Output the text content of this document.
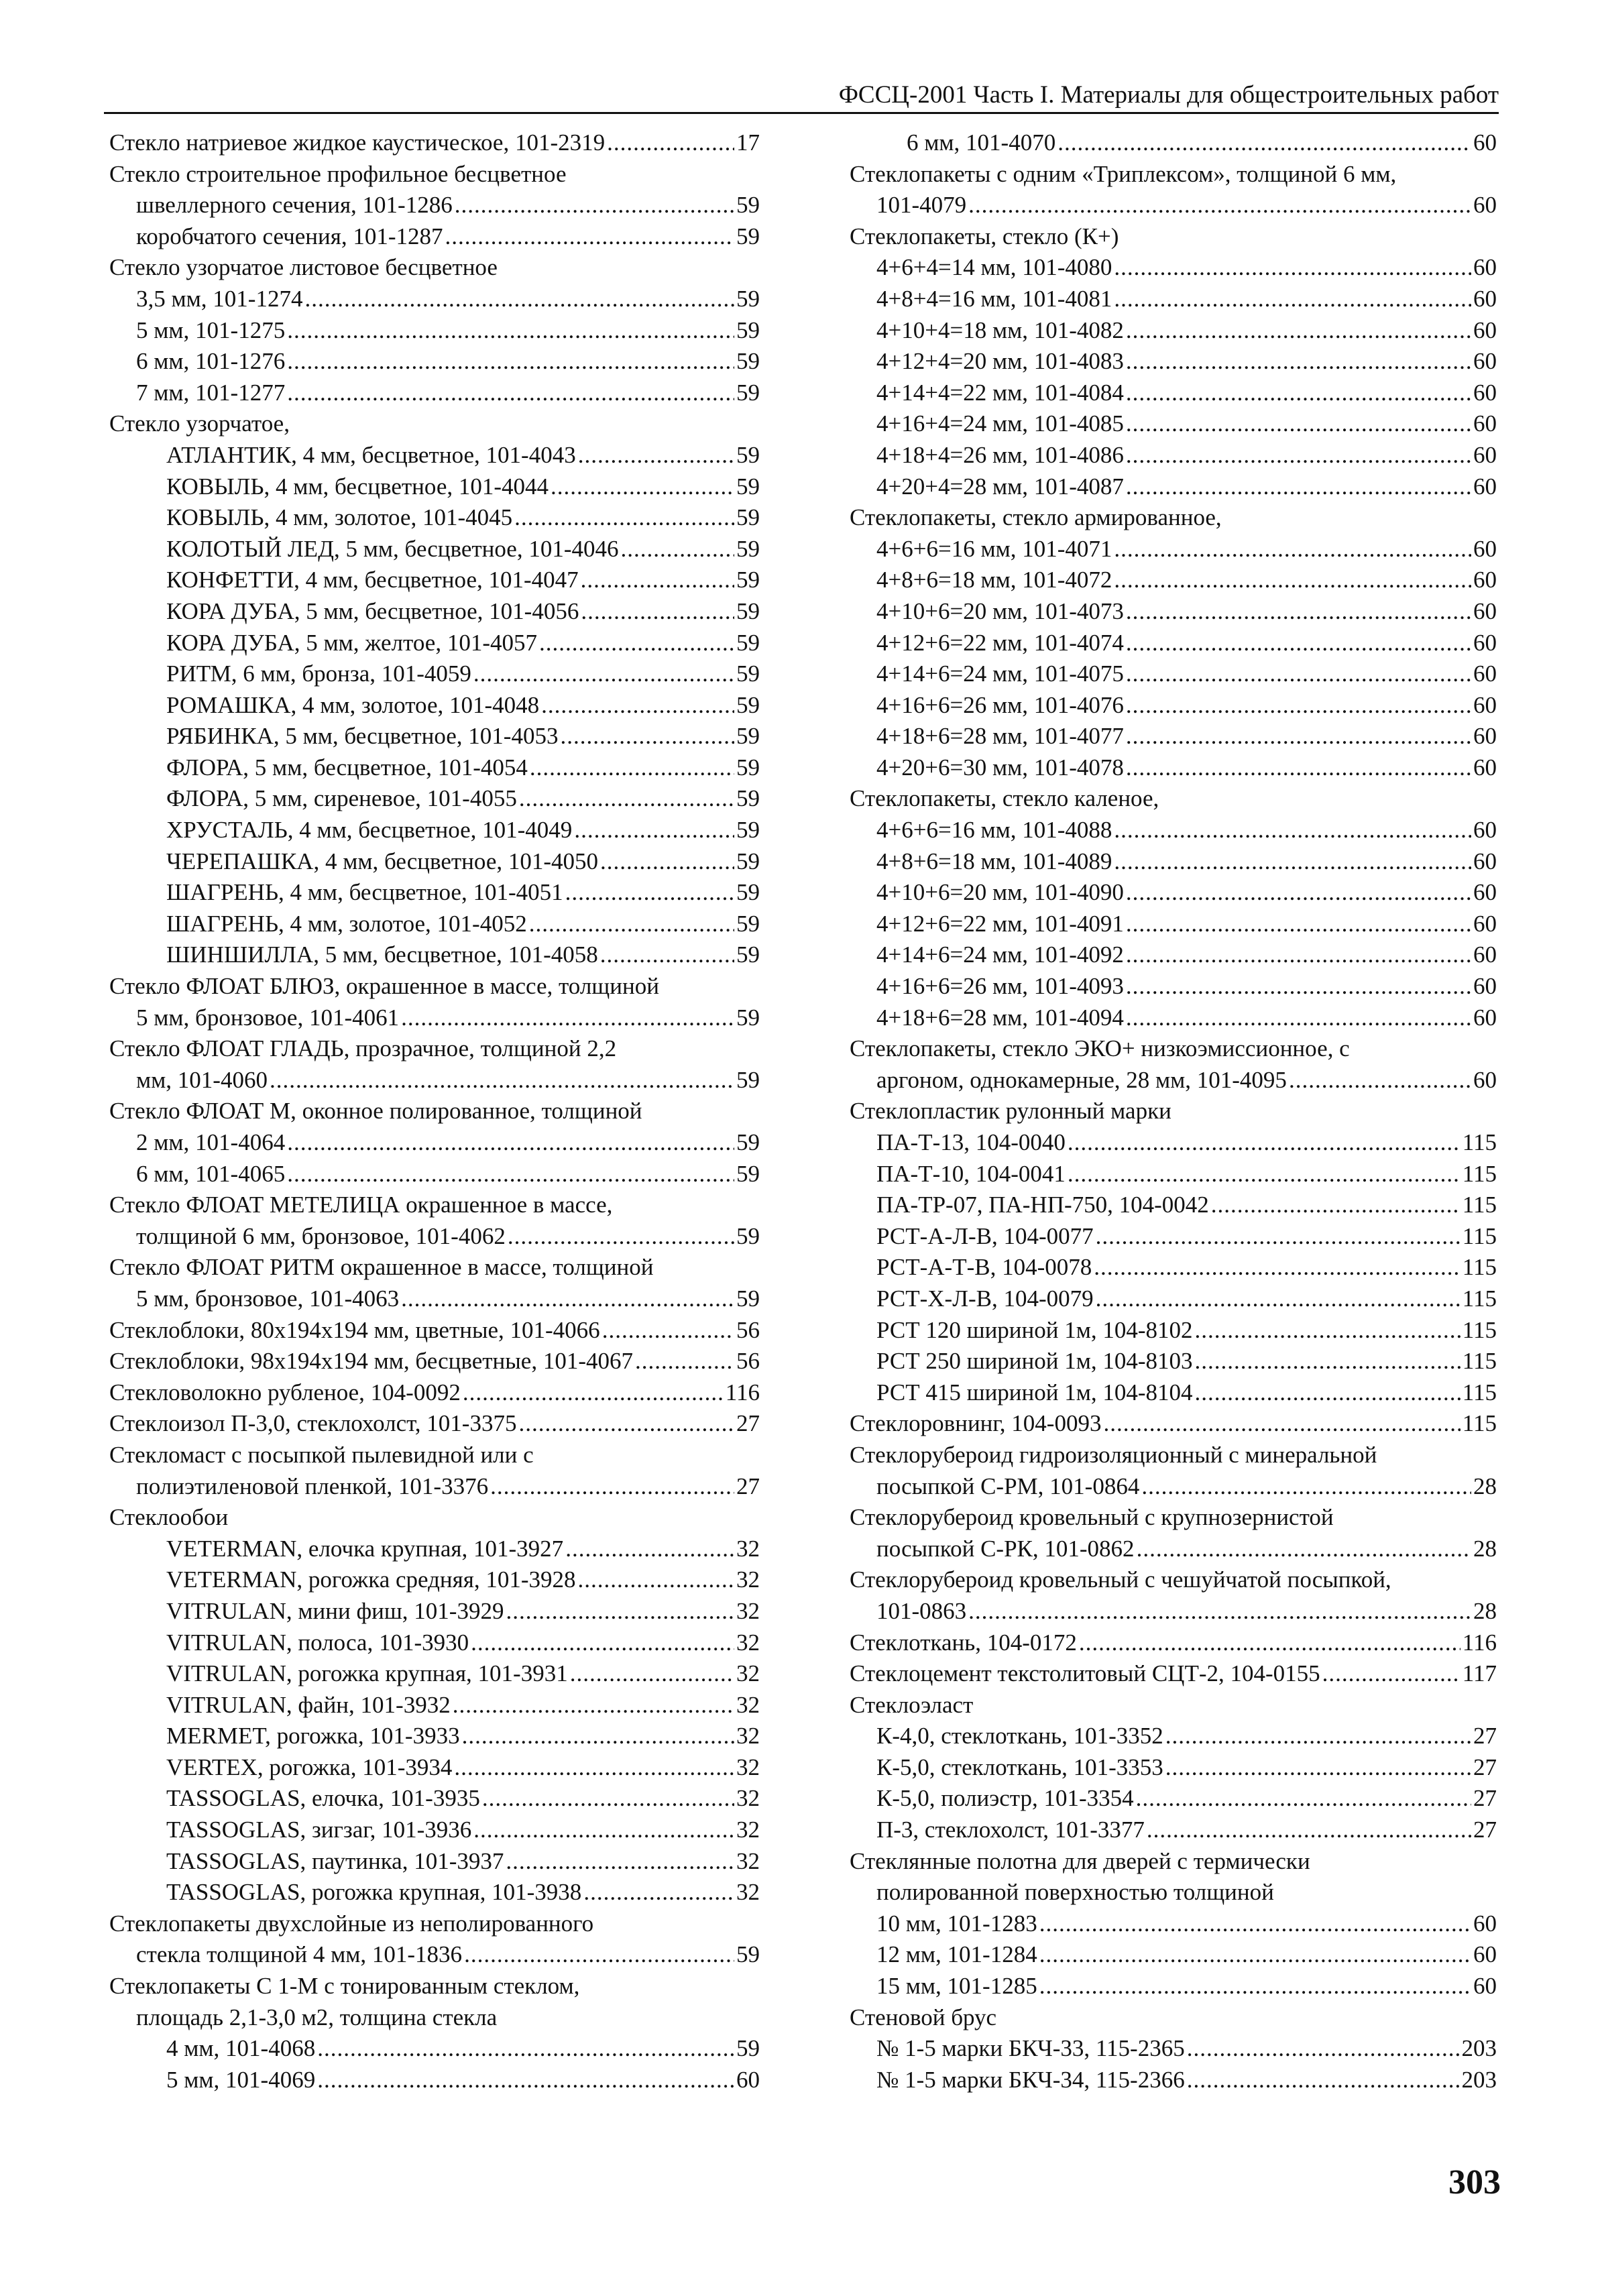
ФССЦ-2001 Часть I. Материалы для общестроительных работ
Стекло натриевое жидкое каустическое, 101-2319 .....	17
Стекло строительное профильное бесцветное
швеллерного сечения, 101-1286 .....	59
коробчатого сечения, 101-1287 .....	59
Стекло узорчатое листовое бесцветное
3,5 мм, 101-1274 .....	59
5 мм, 101-1275 .....	59
6 мм, 101-1276 .....	59
7 мм, 101-1277 .....	59
Стекло узорчатое,
АТЛАНТИК, 4 мм, бесцветное, 101-4043 .....	59
КОВЫЛЬ, 4 мм, бесцветное, 101-4044 .....	59
КОВЫЛЬ, 4 мм, золотое, 101-4045 .....	59
КОЛОТЫЙ ЛЕД, 5 мм, бесцветное, 101-4046 .....	59
КОНФЕТТИ, 4 мм, бесцветное, 101-4047 .....	59
КОРА ДУБА, 5 мм, бесцветное, 101-4056 .....	59
КОРА ДУБА, 5 мм, желтое, 101-4057 .....	59
РИТМ, 6 мм, бронза, 101-4059 .....	59
РОМАШКА, 4 мм, золотое, 101-4048 .....	59
РЯБИНКА, 5 мм, бесцветное, 101-4053 .....	59
ФЛОРА, 5 мм, бесцветное, 101-4054 .....	59
ФЛОРА, 5 мм, сиреневое, 101-4055 .....	59
ХРУСТАЛЬ, 4 мм, бесцветное, 101-4049 .....	59
ЧЕРЕПАШКА, 4 мм, бесцветное, 101-4050 .....	59
ШАГРЕНЬ, 4 мм, бесцветное, 101-4051 .....	59
ШАГРЕНЬ, 4 мм, золотое, 101-4052 .....	59
ШИНШИЛЛА, 5 мм, бесцветное, 101-4058 .....	59
Стекло ФЛОАТ БЛЮЗ, окрашенное в массе, толщиной
5 мм, бронзовое, 101-4061 .....	59
Стекло ФЛОАТ ГЛАДЬ, прозрачное, толщиной 2,2
мм, 101-4060 .....	59
Стекло ФЛОАТ М, оконное полированное, толщиной
2 мм, 101-4064 .....	59
6 мм, 101-4065 .....	59
Стекло ФЛОАТ МЕТЕЛИЦА окрашенное в массе,
толщиной 6 мм, бронзовое, 101-4062 .....	59
Стекло ФЛОАТ РИТМ окрашенное в массе, толщиной
5 мм, бронзовое, 101-4063 .....	59
Стеклоблоки, 80х194х194 мм, цветные, 101-4066 .....	56
Стеклоблоки, 98х194х194 мм, бесцветные, 101-4067 .....	56
Стекловолокно рубленое, 104-0092 .....	116
Стеклоизол П-3,0, стеклохолст, 101-3375 .....	27
Стекломаст с посыпкой пылевидной или с
полиэтиленовой пленкой, 101-3376 .....	27
Стеклообои
VETERMAN, елочка крупная, 101-3927 .....	32
VETERMAN, рогожка средняя, 101-3928 .....	32
VITRULAN, мини фиш, 101-3929 .....	32
VITRULAN, полоса, 101-3930 .....	32
VITRULAN, рогожка крупная, 101-3931 .....	32
VITRULAN, файн, 101-3932 .....	32
MERMET, рогожка, 101-3933 .....	32
VERTEX, рогожка, 101-3934 .....	32
TASSOGLAS, елочка, 101-3935 .....	32
TASSOGLAS, зигзаг, 101-3936 .....	32
TASSOGLAS, паутинка, 101-3937 .....	32
TASSOGLAS, рогожка крупная, 101-3938 .....	32
Стеклопакеты двухслойные из неполированного
стекла толщиной 4 мм, 101-1836 .....	59
Стеклопакеты С 1-М с тонированным стеклом,
площадь 2,1-3,0 м2, толщина стекла
4 мм, 101-4068 .....	59
5 мм, 101-4069 .....	60
6 мм, 101-4070 .....	60
Стеклопакеты с одним «Триплексом», толщиной 6 мм,
101-4079 .....	60
Стеклопакеты, стекло (К+)
4+6+4=14 мм, 101-4080 .....	60
4+8+4=16 мм, 101-4081 .....	60
4+10+4=18 мм, 101-4082 .....	60
4+12+4=20 мм, 101-4083 .....	60
4+14+4=22 мм, 101-4084 .....	60
4+16+4=24 мм, 101-4085 .....	60
4+18+4=26 мм, 101-4086 .....	60
4+20+4=28 мм, 101-4087 .....	60
Стеклопакеты, стекло армированное,
4+6+6=16 мм, 101-4071 .....	60
4+8+6=18 мм, 101-4072 .....	60
4+10+6=20 мм, 101-4073 .....	60
4+12+6=22 мм, 101-4074 .....	60
4+14+6=24 мм, 101-4075 .....	60
4+16+6=26 мм, 101-4076 .....	60
4+18+6=28 мм, 101-4077 .....	60
4+20+6=30 мм, 101-4078 .....	60
Стеклопакеты, стекло каленое,
4+6+6=16 мм, 101-4088 .....	60
4+8+6=18 мм, 101-4089 .....	60
4+10+6=20 мм, 101-4090 .....	60
4+12+6=22 мм, 101-4091 .....	60
4+14+6=24 мм, 101-4092 .....	60
4+16+6=26 мм, 101-4093 .....	60
4+18+6=28 мм, 101-4094 .....	60
Стеклопакеты, стекло ЭКО+ низкоэмиссионное, с
аргоном, однокамерные, 28 мм, 101-4095 .....	60
Стеклопластик рулонный марки
ПА-Т-13, 104-0040 .....	115
ПА-Т-10, 104-0041 .....	115
ПА-ТР-07, ПА-НП-750, 104-0042 .....	115
РСТ-А-Л-В, 104-0077 .....	115
РСТ-А-Т-В, 104-0078 .....	115
РСТ-Х-Л-В, 104-0079 .....	115
РСТ 120 шириной 1м, 104-8102 .....	115
РСТ 250 шириной 1м, 104-8103 .....	115
РСТ 415 шириной 1м, 104-8104 .....	115
Стеклоровнинг, 104-0093 .....	115
Стеклорубероид гидроизоляционный с минеральной
посыпкой С-РМ, 101-0864 .....	28
Стеклорубероид кровельный с крупнозернистой
посыпкой С-РК, 101-0862 .....	28
Стеклорубероид кровельный с чешуйчатой посыпкой,
101-0863 .....	28
Стеклоткань, 104-0172 .....	116
Стеклоцемент текстолитовый СЦТ-2, 104-0155 .....	117
Стеклоэласт
К-4,0, стеклоткань, 101-3352 .....	27
К-5,0, стеклоткань, 101-3353 .....	27
К-5,0, полиэстр, 101-3354 .....	27
П-3, стеклохолст, 101-3377 .....	27
Стеклянные полотна для дверей с термически
полированной поверхностью толщиной
10 мм, 101-1283 .....	60
12 мм, 101-1284 .....	60
15 мм, 101-1285 .....	60
Стеновой брус
№ 1-5 марки БКЧ-33, 115-2365 .....	203
№ 1-5 марки БКЧ-34, 115-2366 .....	203
303
